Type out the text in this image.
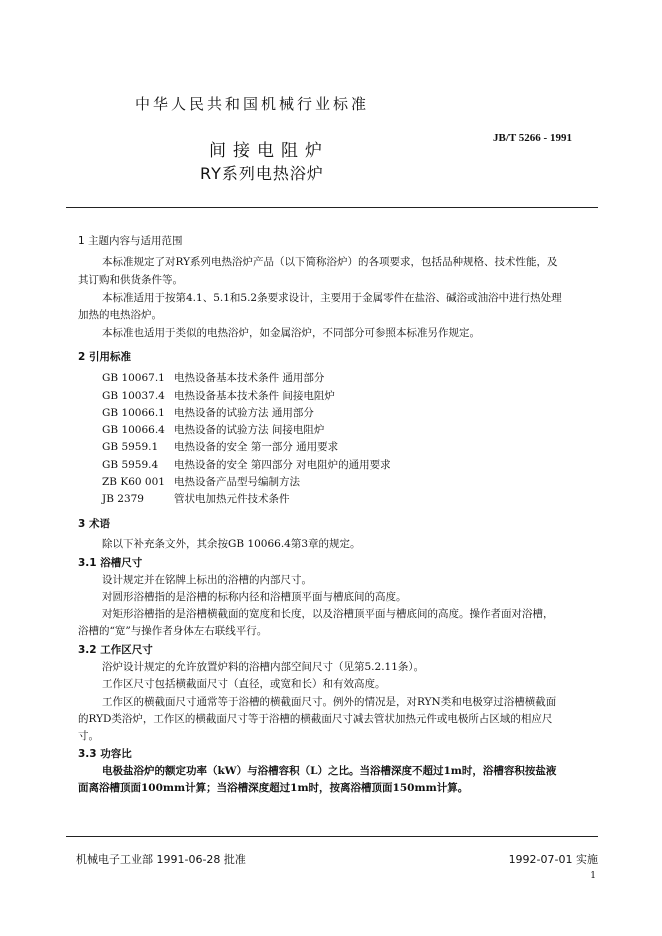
中华人民共和国机械行业标准
间接电阻炉
RY系列电热浴炉
JB/T 5266 - 1991
1 主题内容与适用范围
本标准规定了对RY系列电热浴炉产品（以下简称浴炉）的各项要求，包括品种规格、技术性能，及
其订购和供货条件等。
本标准适用于按第4.1、5.1和5.2条要求设计，主要用于金属零件在盐浴、碱浴或油浴中进行热处理
加热的电热浴炉。
本标准也适用于类似的电热浴炉，如金属浴炉，不同部分可参照本标准另作规定。
2 引用标准
GB 10067.1 电热设备基本技术条件 通用部分
GB 10037.4 电热设备基本技术条件 间接电阻炉
GB 10066.1 电热设备的试验方法 通用部分
GB 10066.4 电热设备的试验方法 间接电阻炉
GB 5959.1 电热设备的安全 第一部分 通用要求
GB 5959.4 电热设备的安全 第四部分 对电阻炉的通用要求
ZB K60 001 电热设备产品型号编制方法
JB 2379	管状电加热元件技术条件
3 术语
除以下补充条文外，其余按GB 10066.4第3章的规定。
3.1 浴槽尺寸
设计规定并在铭牌上标出的浴槽的内部尺寸。
对圆形浴槽指的是浴槽的标称内径和浴槽顶平面与槽底间的高度。
对矩形浴槽指的是浴槽横截面的宽度和长度，以及浴槽顶平面与槽底间的高度。操作者面对浴槽，
浴槽的“宽”与操作者身体左右联线平行。
3.2 工作区尺寸
浴炉设计规定的允许放置炉料的浴槽内部空间尺寸（见第5.2.11条）。
工作区尺寸包括横截面尺寸（直径，或宽和长）和有效高度。
工作区的横截面尺寸通常等于浴槽的横截面尺寸。例外的情况是，对RYN类和电极穿过浴槽横截面
的RYD类浴炉，工作区的横截面尺寸等于浴槽的横截面尺寸减去管状加热元件或电极所占区域的相应尺
寸。
3.3 功容比
电极盐浴炉的额定功率（kW）与浴槽容积（L）之比。当浴槽深度不超过1m时，浴槽容积按盐液
面离浴槽顶面100mm计算；当浴槽深度超过1m时，按离浴槽顶面150mm计算。
机械电子工业部 1991-06-28 批准	1992-07-01 实施
1
